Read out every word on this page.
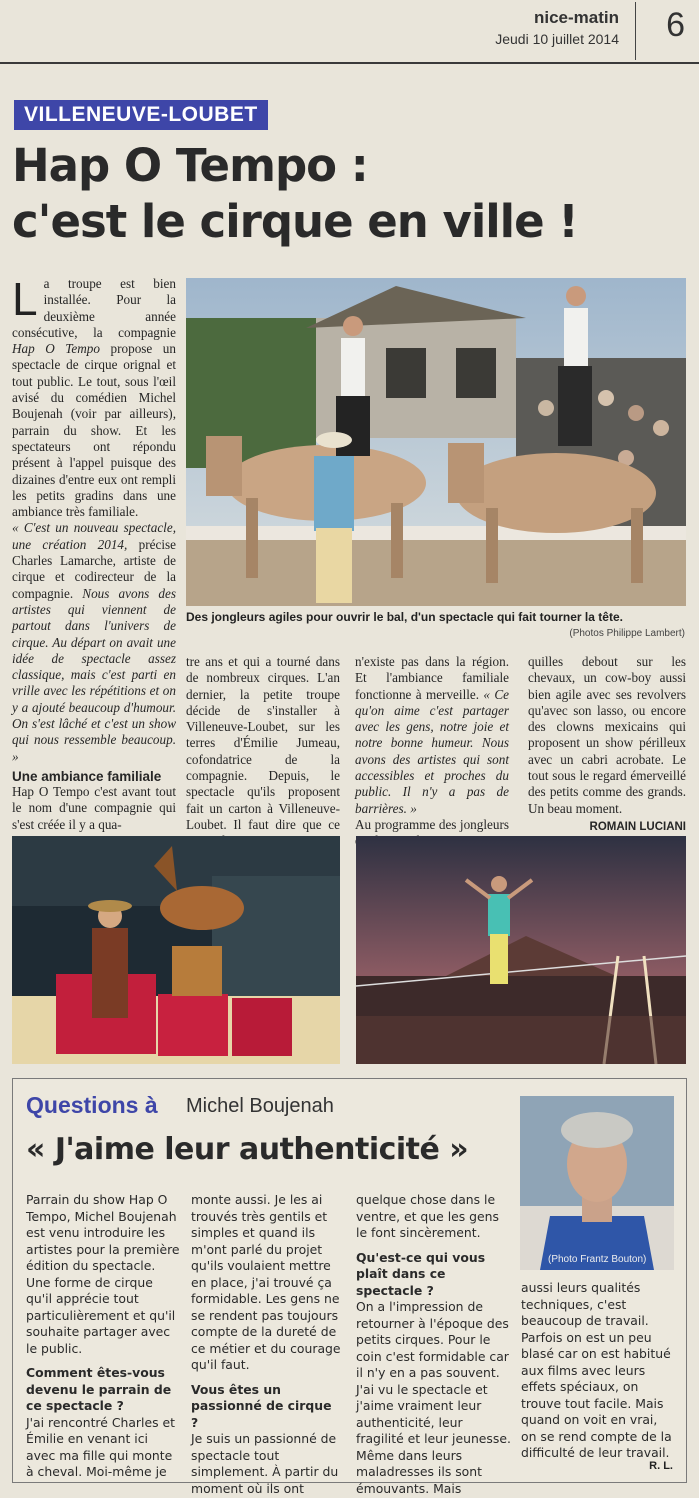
nice-matin
Jeudi 10 juillet 2014	6
VILLENEUVE-LOUBET
Hap O Tempo :
c'est le cirque en ville !

La troupe est bien installée. Pour la deuxième année consécutive, la compagnie Hap O Tempo propose un spectacle de cirque orignal et tout public. Le tout, sous l'œil avisé du comédien Michel Boujenah (voir par ailleurs), parrain du show. Et les spectateurs ont répondu présent à l'appel puisque des dizaines d'entre eux ont rempli les petits gradins dans une ambiance très familiale.

« C'est un nouveau spectacle, une création 2014, précise Charles Lamarche, artiste de cirque et codirecteur de la compagnie. Nous avons des artistes qui viennent de partout dans l'univers de cirque. Au départ on avait une idée de spectacle assez classique, mais c'est parti en vrille avec les répétitions et on y a ajouté beaucoup d'humour. On s'est lâché et c'est un show qui nous ressemble beaucoup. »

Une ambiance familiale

Hap O Tempo c'est avant tout le nom d'une compagnie qui s'est créée il y a qua-

Des jongleurs agiles pour ouvrir le bal, d'un spectacle qui fait tourner la tête.
(Photos Philippe Lambert)

tre ans et qui a tourné dans de nombreux cirques. L'an dernier, la petite troupe décide de s'installer à Villeneuve-Loubet, sur les terres d'Émilie Jumeau, cofondatrice de la compagnie. Depuis, le spectacle qu'ils proposent fait un carton à Villeneuve-Loubet. Il faut dire que ce

n'existe pas dans la région. Et l'ambiance familiale fonctionne à merveille. « Ce qu'on aime c'est partager avec les gens, notre joie et notre bonne humeur. Nous avons des artistes qui sont accessibles et proches du public. Il n'y a pas de barrières. »

Au programme des jongleurs

quilles debout sur les chevaux, un cow-boy aussi bien agile avec ses revolvers qu'avec son lasso, ou encore des clowns mexicains qui proposent un show périlleux avec un cabri acrobate. Le tout sous le regard émerveillé des petits comme des grands. Un beau moment.

ROMAIN LUCIANI
Questions à Michel Boujenah
« J'aime leur authenticité »
(Photo Frantz Bouton)

Parrain du show Hap O Tempo, Michel Boujenah est venu introduire les artistes pour la première édition du spectacle. Une forme de cirque qu'il apprécie tout particulièrement et qu'il souhaite partager avec le public.

Comment êtes-vous devenu le parrain de ce spectacle ?

J'ai rencontré Charles et Émilie en venant ici avec ma fille qui monte à cheval. Moi-même je

monte aussi. Je les ai trouvés très gentils et simples et quand ils m'ont parlé du projet qu'ils voulaient mettre en place, j'ai trouvé ça formidable. Les gens ne se rendent pas toujours compte de la dureté de ce métier et du courage qu'il faut.

Vous êtes un passionné de cirque ?

Je suis un passionné de spectacle tout simplement. À partir du moment où ils ont

quelque chose dans le ventre, et que les gens le font sincèrement.

Qu'est-ce qui vous plaît dans ce spectacle ?

On a l'impression de retourner à l'époque des petits cirques. Pour le coin c'est formidable car il n'y en a pas souvent. J'ai vu le spectacle et j'aime vraiment leur authenticité, leur fragilité et leur jeunesse. Même dans leurs maladresses ils sont émouvants. Mais

aussi leurs qualités techniques, c'est beaucoup de travail. Parfois on est un peu blasé car on est habitué aux films avec leurs effets spéciaux, on trouve tout facile. Mais quand on voit en vrai, on se rend compte de la difficulté de leur travail.

R. L.
